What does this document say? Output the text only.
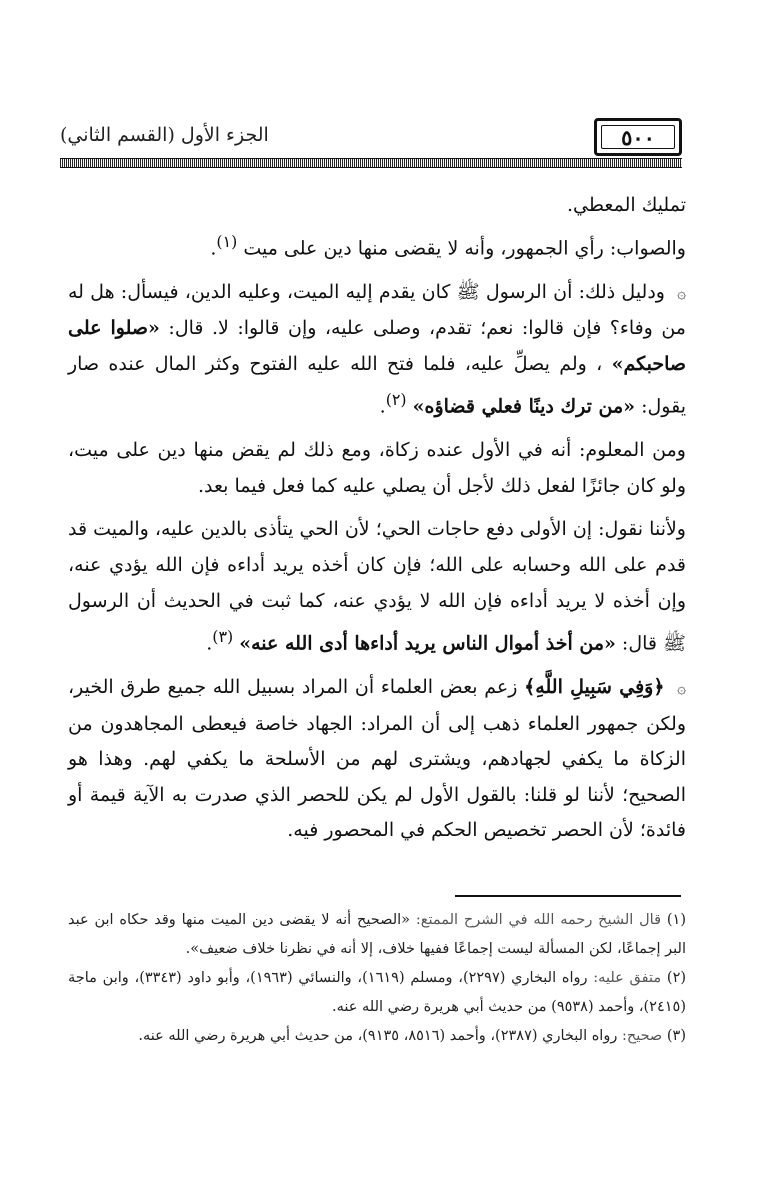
٥٠٠
الجزء الأول (القسم الثاني)

تمليك المعطي.

والصواب: رأي الجمهور، وأنه لا يقضى منها دين على ميت $^{(١)}$.

۞ ودليل ذلك: أن الرسول ﷺ كان يقدم إليه الميت، وعليه الدين، فيسأل: هل له من وفاء؟ فإن قالوا: نعم؛ تقدم، وصلى عليه، وإن قالوا: لا. قال: «صلوا على صاحبكم» ، ولم يصلِّ عليه، فلما فتح الله عليه الفتوح وكثر المال عنده صار يقول: «من ترك دينًا فعلي قضاؤه» $^{(٢)}$.

ومن المعلوم: أنه في الأول عنده زكاة، ومع ذلك لم يقض منها دين على ميت، ولو كان جائزًا لفعل ذلك لأجل أن يصلي عليه كما فعل فيما بعد.

ولأننا نقول: إن الأولى دفع حاجات الحي؛ لأن الحي يتأذى بالدين عليه، والميت قد قدم على الله وحسابه على الله؛ فإن كان أخذه يريد أداءه فإن الله يؤدي عنه، وإن أخذه لا يريد أداءه فإن الله لا يؤدي عنه، كما ثبت في الحديث أن الرسول ﷺ قال: «من أخذ أموال الناس يريد أداءها أدى الله عنه» $^{(٣)}$.

۞ ﴿وَفِي سَبِيلِ اللَّهِ﴾ زعم بعض العلماء أن المراد بسبيل الله جميع طرق الخير، ولكن جمهور العلماء ذهب إلى أن المراد: الجهاد خاصة فيعطى المجاهدون من الزكاة ما يكفي لجهادهم، ويشترى لهم من الأسلحة ما يكفي لهم. وهذا هو الصحيح؛ لأننا لو قلنا: بالقول الأول لم يكن للحصر الذي صدرت به الآية قيمة أو فائدة؛ لأن الحصر تخصيص الحكم في المحصور فيه.

(١) قال الشيخ رحمه الله في الشرح الممتع: «الصحيح أنه لا يقضى دين الميت منها وقد حكاه ابن عبد البر إجماعًا، لكن المسألة ليست إجماعًا ففيها خلاف، إلا أنه في نظرنا خلاف ضعيف».

(٢) متفق عليه: رواه البخاري (٢٢٩٧)، ومسلم (١٦١٩)، والنسائي (١٩٦٣)، وأبو داود (٣٣٤٣)، وابن ماجة (٢٤١٥)، وأحمد (٩٥٣٨) من حديث أبي هريرة رضي الله عنه.

(٣) صحيح: رواه البخاري (٢٣٨٧)، وأحمد (٨٥١٦، ٩١٣٥)، من حديث أبي هريرة رضي الله عنه.
